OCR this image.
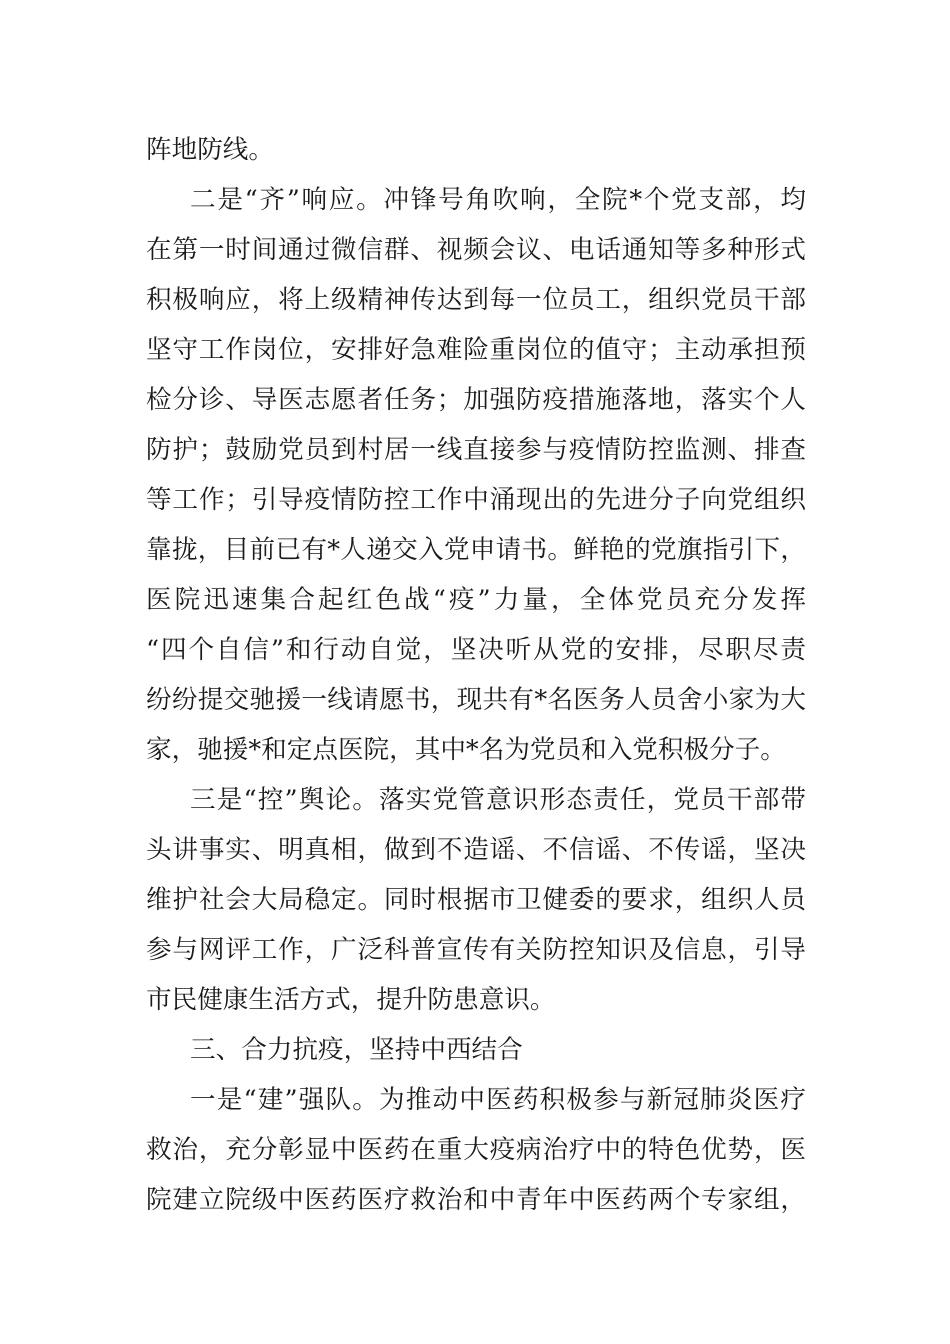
阵地防线。
二是“齐”响应。冲锋号角吹响，全院*个党支部，均
在第一时间通过微信群、视频会议、电话通知等多种形式
积极响应，将上级精神传达到每一位员工，组织党员干部
坚守工作岗位，安排好急难险重岗位的值守；主动承担预
检分诊、导医志愿者任务；加强防疫措施落地，落实个人
防护；鼓励党员到村居一线直接参与疫情防控监测、排查
等工作；引导疫情防控工作中涌现出的先进分子向党组织
靠拢，目前已有*人递交入党申请书。鲜艳的党旗指引下，
医院迅速集合起红色战“疫”力量，全体党员充分发挥
“四个自信”和行动自觉，坚决听从党的安排，尽职尽责
纷纷提交驰援一线请愿书，现共有*名医务人员舍小家为大
家，驰援*和定点医院，其中*名为党员和入党积极分子。
三是“控”舆论。落实党管意识形态责任，党员干部带
头讲事实、明真相，做到不造谣、不信谣、不传谣，坚决
维护社会大局稳定。同时根据市卫健委的要求，组织人员
参与网评工作，广泛科普宣传有关防控知识及信息，引导
市民健康生活方式，提升防患意识。
三、合力抗疫，坚持中西结合
一是“建”强队。为推动中医药积极参与新冠肺炎医疗
救治，充分彰显中医药在重大疫病治疗中的特色优势，医
院建立院级中医药医疗救治和中青年中医药两个专家组，
